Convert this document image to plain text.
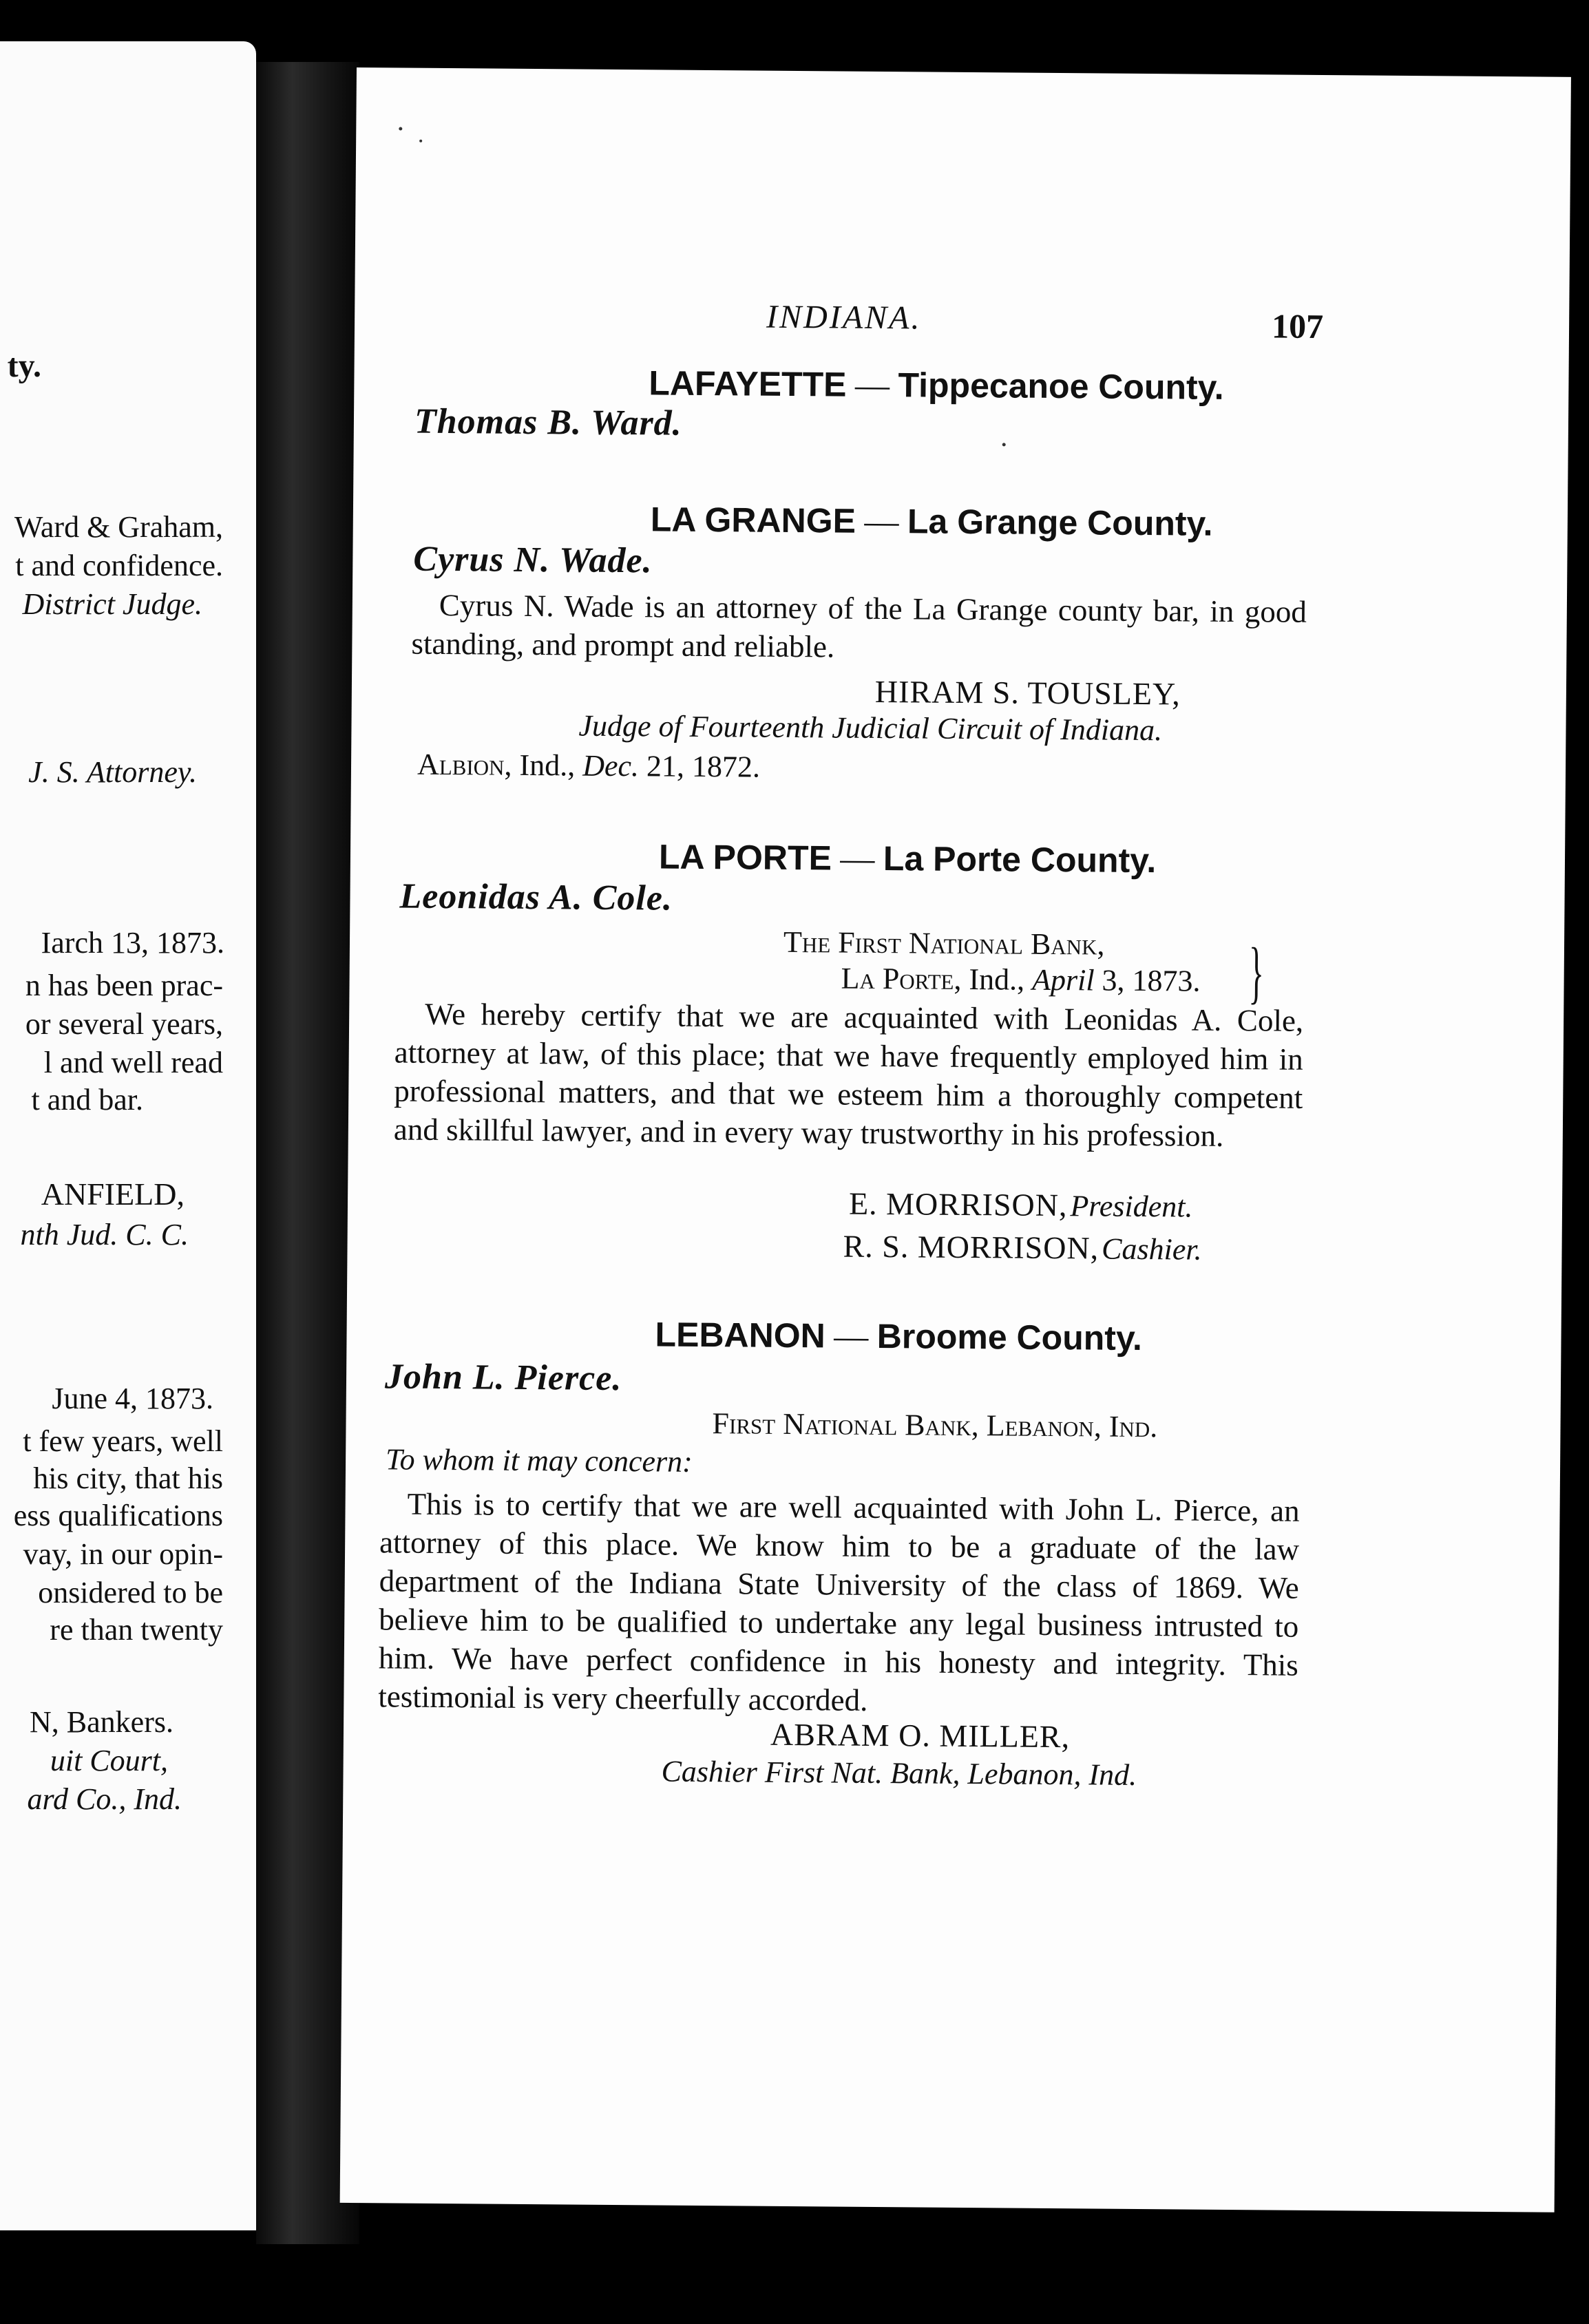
ty.
Ward & Graham,
t and confidence.
District Judge.
J. S. Attorney.
Iarch 13, 1873.
n has been prac-
or several years,
l and well read
t and bar.
ANFIELD,
nth Jud. C. C.
June 4, 1873.
t few years, well
his city, that his
ess qualifications
vay, in our opin-
onsidered to be
re than twenty
N, Bankers.
uit Court,
ard Co., Ind.
INDIANA.	107
LAFAYETTE — Tippecanoe County.
Thomas B. Ward.
LA GRANGE — La Grange County.
Cyrus N. Wade.
Cyrus N. Wade is an attorney of the La Grange county bar, in good standing, and prompt and reliable.
HIRAM S. TOUSLEY,
Judge of Fourteenth Judicial Circuit of Indiana.
Albion, Ind., Dec. 21, 1872.
LA PORTE — La Porte County.
Leonidas A. Cole.
The First National Bank,
La Porte, Ind., April 3, 1873. }
We hereby certify that we are acquainted with Leonidas A. Cole, attorney at law, of this place; that we have frequently employed him in professional matters, and that we esteem him a thoroughly competent and skillful lawyer, and in every way trustworthy in his profession.
E. MORRISON, President.
R. S. MORRISON, Cashier.
LEBANON — Broome County.
John L. Pierce.
First National Bank, Lebanon, Ind.
To whom it may concern:
This is to certify that we are well acquainted with John L. Pierce, an attorney of this place. We know him to be a graduate of the law department of the Indiana State University of the class of 1869. We believe him to be qualified to undertake any legal business intrusted to him. We have perfect confidence in his honesty and integrity. This testimonial is very cheerfully accorded.
ABRAM O. MILLER,
Cashier First Nat. Bank, Lebanon, Ind.
